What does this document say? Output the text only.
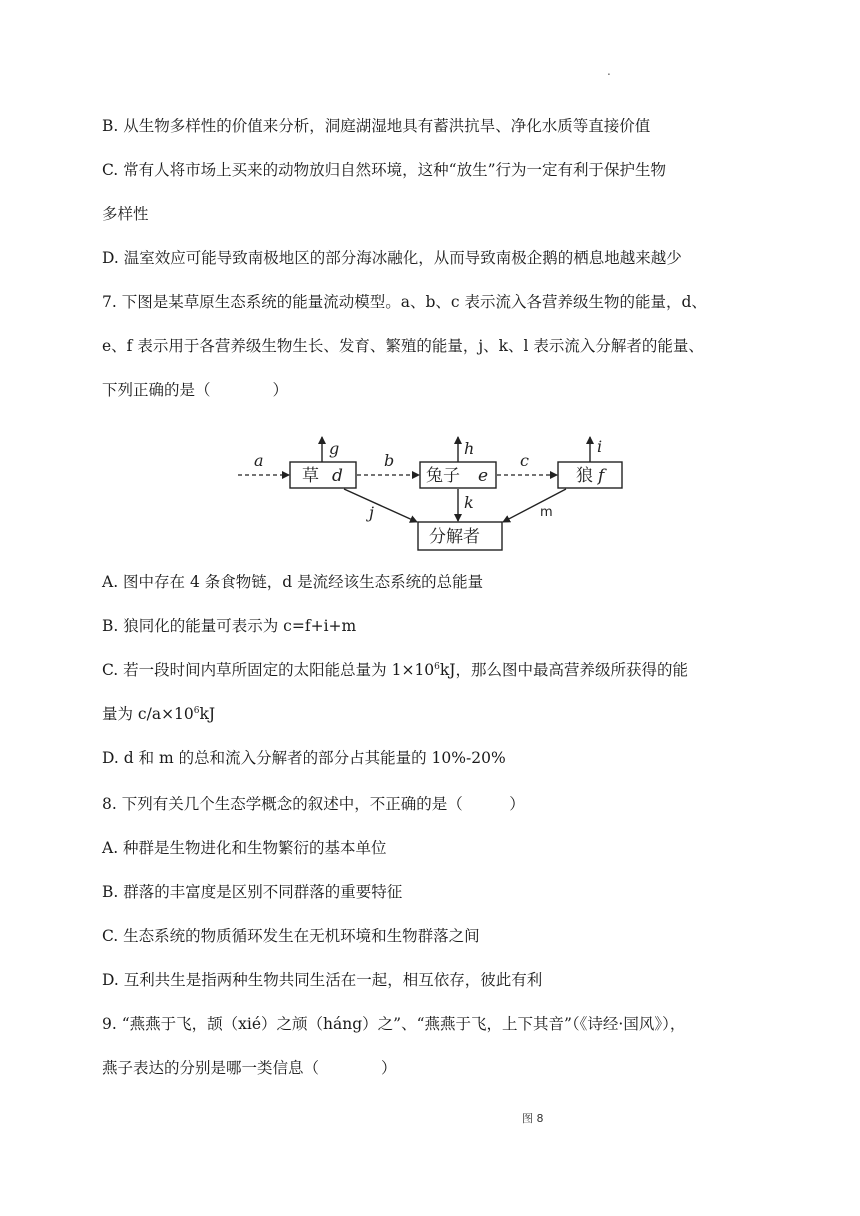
.
B. 从生物多样性的价值来分析，洞庭湖湿地具有蓄洪抗旱、净化水质等直接价值
C. 常有人将市场上买来的动物放归自然环境，这种“放生”行为一定有利于保护生物
多样性
D. 温室效应可能导致南极地区的部分海冰融化，从而导致南极企鹅的栖息地越来越少
7. 下图是某草原生态系统的能量流动模型。a、b、c 表示流入各营养级生物的能量，d、
e、f 表示用于各营养级生物生长、发育、繁殖的能量，j、k、l 表示流入分解者的能量、
下列正确的是（　　　　）
草 d	兔子 e	狼 f
分解者
a	b	c
g	h	i
j
k
m
A. 图中存在 4 条食物链，d 是流经该生态系统的总能量
B. 狼同化的能量可表示为 c=f+i+m
C. 若一段时间内草所固定的太阳能总量为 $1\times 10^6kJ$，那么图中最高营养级所获得的能
量为 $c/a\times 10^6kJ$
D. d 和 m 的总和流入分解者的部分占其能量的 10%-20%
8. 下列有关几个生态学概念的叙述中，不正确的是（　　　）
A. 种群是生物进化和生物繁衍的基本单位
B. 群落的丰富度是区别不同群落的重要特征
C. 生态系统的物质循环发生在无机环境和生物群落之间
D. 互利共生是指两种生物共同生活在一起，相互依存，彼此有利
9. “燕燕于飞，颉（xié）之颃（háng）之”、“燕燕于飞，上下其音”（《诗经·国风》），
燕子表达的分别是哪一类信息（　　　　）
图 8
